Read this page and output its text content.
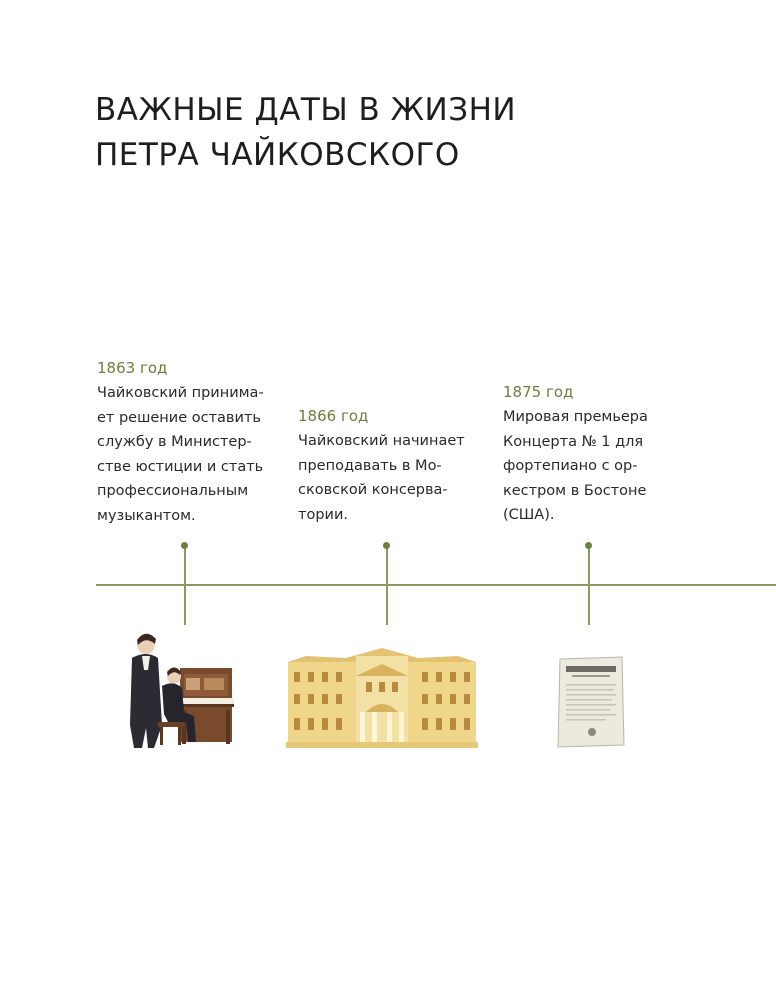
ВАЖНЫЕ ДАТЫ В ЖИЗНИ
ПЕТРА ЧАЙКОВСКОГО
1863 год

Чайковский принима-
ет решение оставить
службу в Министер-
стве юстиции и стать
профессиональным
музыкантом.

1866 год

Чайковский начинает
преподавать в Мо-
сковской консерва-
тории.

1875 год

Мировая премьера
Концерта № 1 для
фортепиано с ор-
кестром в Бостоне
(США).
